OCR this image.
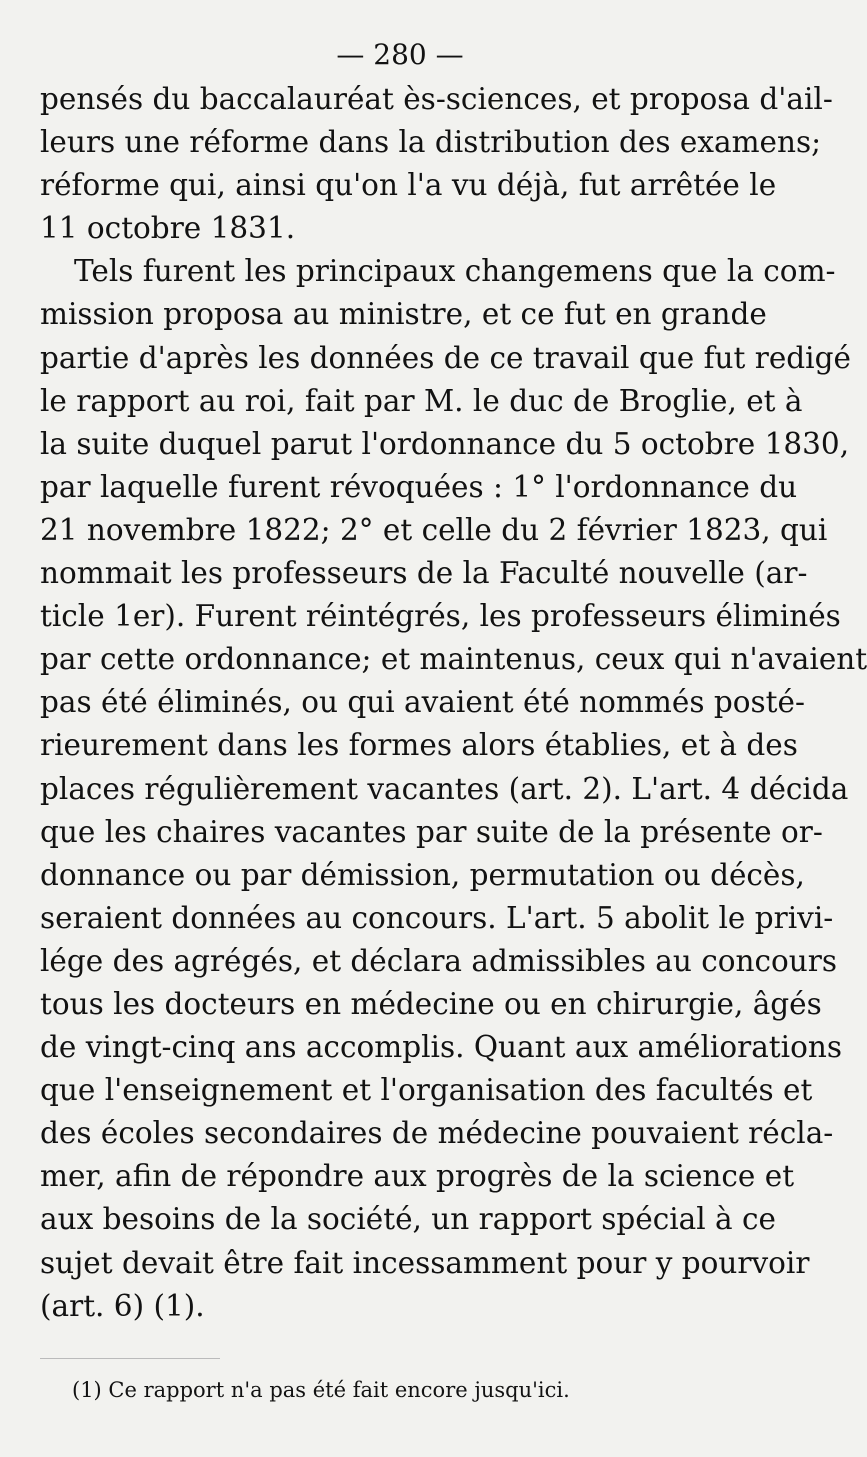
— 280 —
pensés du baccalauréat ès-sciences, et proposa d'ail-
leurs une réforme dans la distribution des examens;
réforme qui, ainsi qu'on l'a vu déjà, fut arrêtée le
11 octobre 1831.
Tels furent les principaux changemens que la com-
mission proposa au ministre, et ce fut en grande
partie d'après les données de ce travail que fut redigé
le rapport au roi, fait par M. le duc de Broglie, et à
la suite duquel parut l'ordonnance du 5 octobre 1830,
par laquelle furent révoquées : 1° l'ordonnance du
21 novembre 1822; 2° et celle du 2 février 1823, qui
nommait les professeurs de la Faculté nouvelle (ar-
ticle 1er). Furent réintégrés, les professeurs éliminés
par cette ordonnance; et maintenus, ceux qui n'avaient
pas été éliminés, ou qui avaient été nommés posté-
rieurement dans les formes alors établies, et à des
places régulièrement vacantes (art. 2). L'art. 4 décida
que les chaires vacantes par suite de la présente or-
donnance ou par démission, permutation ou décès,
seraient données au concours. L'art. 5 abolit le privi-
lége des agrégés, et déclara admissibles au concours
tous les docteurs en médecine ou en chirurgie, âgés
de vingt-cinq ans accomplis. Quant aux améliorations
que l'enseignement et l'organisation des facultés et
des écoles secondaires de médecine pouvaient récla-
mer, afin de répondre aux progrès de la science et
aux besoins de la société, un rapport spécial à ce
sujet devait être fait incessamment pour y pourvoir
(art. 6) (1).
(1) Ce rapport n'a pas été fait encore jusqu'ici.
